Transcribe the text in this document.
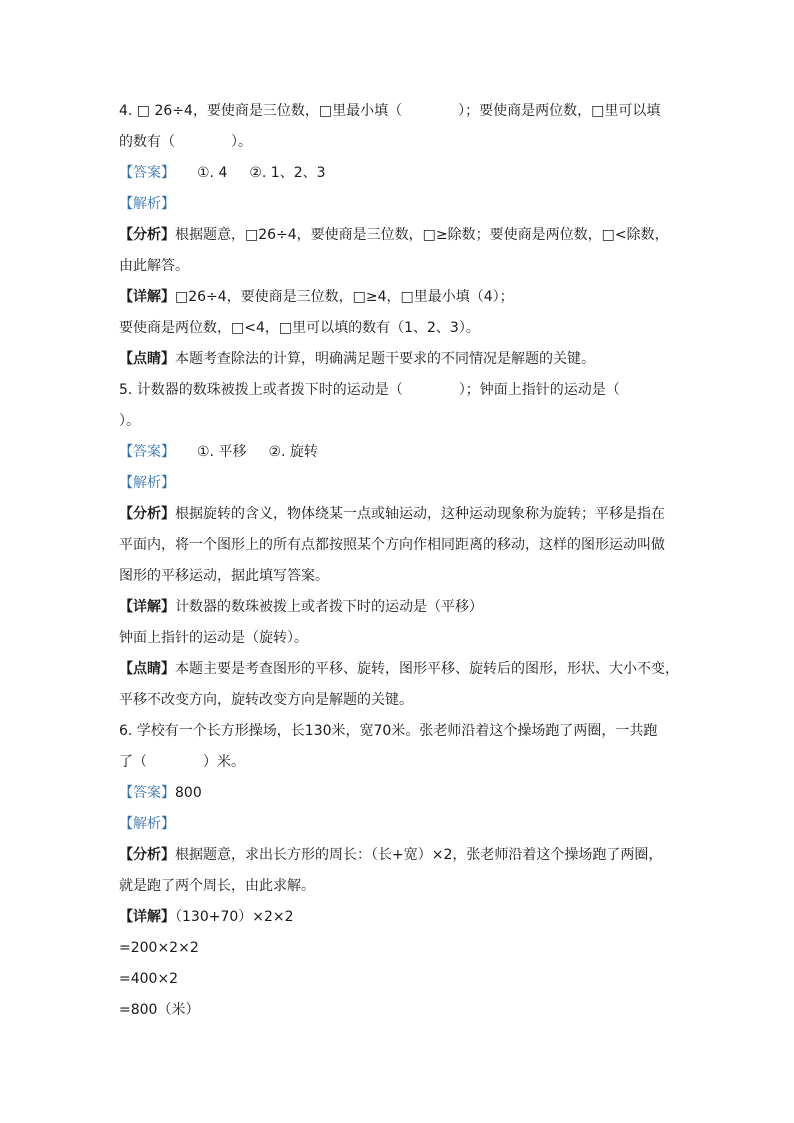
4. □ 26÷4，要使商是三位数，□里最小填（	）；要使商是两位数，□里可以填
的数有（	）。
【答案】 ①. 4 ②. 1、2、3
【解析】
【分析】根据题意，□26÷4，要使商是三位数，□≥除数；要使商是两位数，□<除数，
由此解答。
【详解】□26÷4，要使商是三位数，□≥4，□里最小填（4）；
要使商是两位数，□<4，□里可以填的数有（1、2、3）。
【点睛】本题考查除法的计算，明确满足题干要求的不同情况是解题的关键。
5. 计数器的数珠被拨上或者拨下时的运动是（	）；钟面上指针的运动是（
）。
【答案】 ①. 平移 ②. 旋转
【解析】
【分析】根据旋转的含义，物体绕某一点或轴运动，这种运动现象称为旋转；平移是指在
平面内，将一个图形上的所有点都按照某个方向作相同距离的移动，这样的图形运动叫做
图形的平移运动，据此填写答案。
【详解】计数器的数珠被拨上或者拨下时的运动是（平移）
钟面上指针的运动是（旋转）。
【点睛】本题主要是考查图形的平移、旋转，图形平移、旋转后的图形，形状、大小不变，
平移不改变方向，旋转改变方向是解题的关键。
6. 学校有一个长方形操场，长130米，宽70米。张老师沿着这个操场跑了两圈，一共跑
了（	）米。
【答案】800
【解析】
【分析】根据题意，求出长方形的周长：（长+宽）×2，张老师沿着这个操场跑了两圈，
就是跑了两个周长，由此求解。
【详解】（130+70）×2×2
=200×2×2
=400×2
=800（米）
